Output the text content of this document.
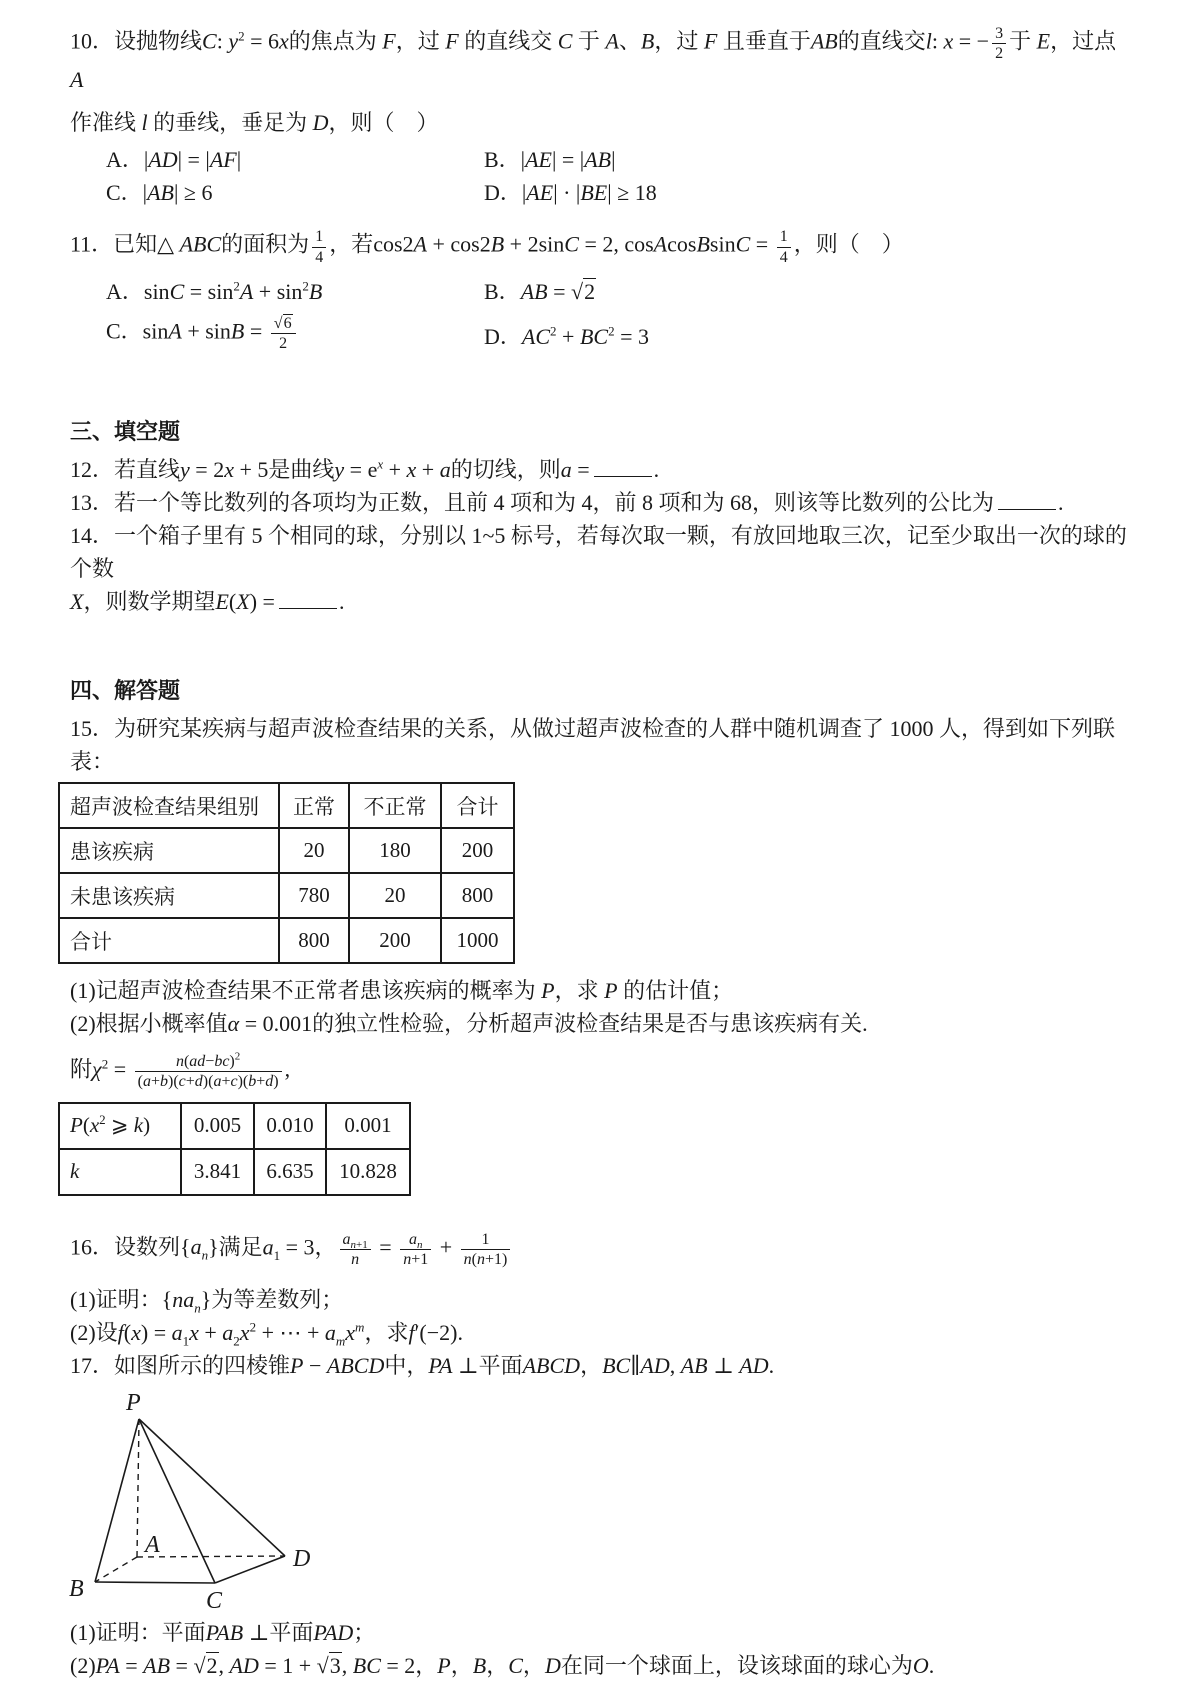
10．设抛物线C: $y^2 = 6x$的焦点为 F，过 F 的直线交 C 于 A、B，过 F 且垂直于AB的直线交l: x = − $\frac{3}{2}$ 于 E，过点 A
作准线 l 的垂线，垂足为 D，则（　）
A．|AD| = |AF|	B．|AE| = |AB|
C．|AB| ≥ 6	D．|AE| · |BE| ≥ 18
11．已知△ ABC的面积为 $\frac{1}{4}$ ，若cos2A + cos2B + 2sinC = 2, cosAcosBsinC = $\frac{1}{4}$ ，则（　）
A．$\sin C = \sin^2A + \sin^2B$	B．AB = √2
C．$\sin A + \sin B = \frac{√6}{2}$	D．$AC^2 + BC^2 = 3$
三、填空题
12．若直线y = 2x + 5是曲线$y = e^x + x + a$的切线，则a =	.
13．若一个等比数列的各项均为正数，且前 4 项和为 4，前 8 项和为 68，则该等比数列的公比为	.
14．一个箱子里有 5 个相同的球，分别以 1~5 标号，若每次取一颗，有放回地取三次，记至少取出一次的球的个数
X，则数学期望E(X) =	.
四、解答题
15．为研究某疾病与超声波检查结果的关系，从做过超声波检查的人群中随机调查了 1000 人，得到如下列联表：
超声波检查结果组别	正常	不正常	合计
患该疾病	20	180	200
未患该疾病	780	20	800
合计	800	200	1000
(1)记超声波检查结果不正常者患该疾病的概率为 P，求 P 的估计值；
(2)根据小概率值α = 0.001的独立性检验，分析超声波检查结果是否与患该疾病有关.
附$\chi^2 = \frac{n(ad-bc)^2}{(a+b)(c+d)(a+c)(b+d)}$ ,
$P(x^2$ ⩾ k)	0.005	0.010	0.001
k	3.841	6.635	10.828
16．设数列$\{a_n\}$满足$a_1 = 3$， $\frac{a_{n+1}}{n} = \frac{a_n}{n+1} + \frac{1}{n(n+1)}$
(1)证明：$\{na_n\}$为等差数列；
(2)设$f(x) = a_1x + a_2x^2$ + ⋯ + $a_mx^m$，求f′(−2).
17．如图所示的四棱锥P − ABCD中，PA ⊥平面ABCD，BC∥AD, AB ⊥ AD.
P
A
B	C
D
(1)证明：平面PAB ⊥平面PAD；
(2)PA = AB = √2, AD = 1 + √3, BC = 2，P，B，C，D在同一个球面上，设该球面的球心为O.
